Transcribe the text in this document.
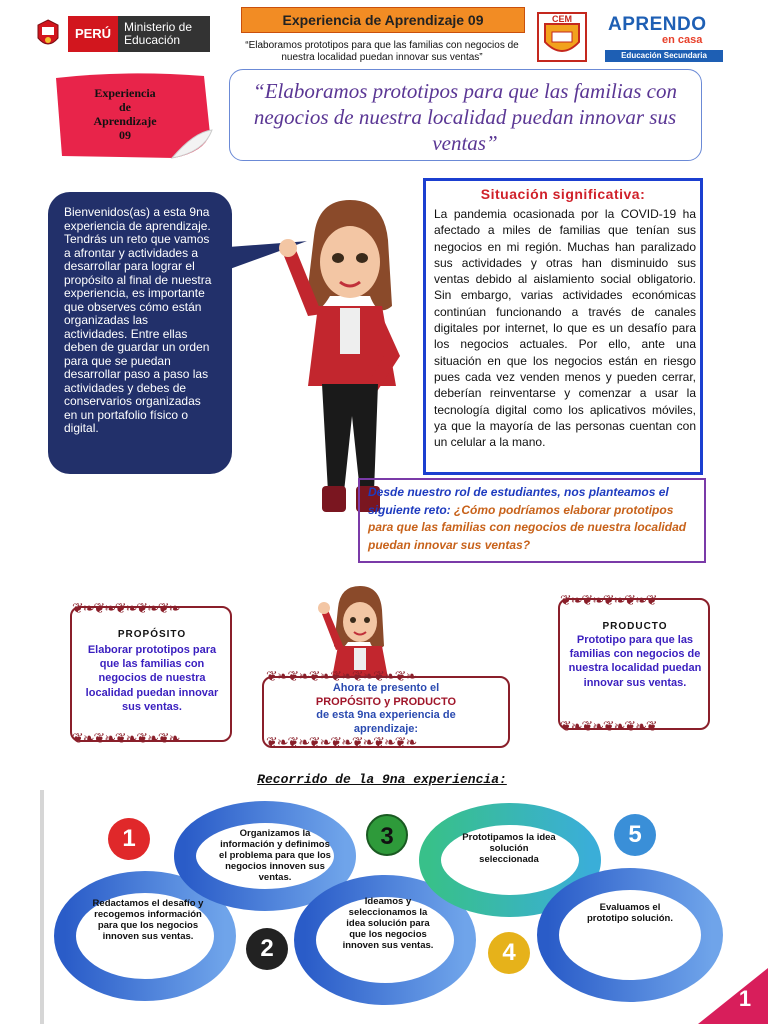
PERÚ	Ministerio de Educación
Experiencia de Aprendizaje 09
“Elaboramos prototipos para que las familias con negocios de nuestra localidad puedan innovar sus ventas”
CEM APRENDO
en casa
Educación Secundaria
Experiencia
de
Aprendizaje
09
“Elaboramos prototipos para que las familias con negocios de nuestra localidad puedan innovar sus ventas”
Bienvenidos(as) a esta 9na experiencia de aprendizaje. Tendrás un reto que vamos a afrontar y actividades a desarrollar para lograr el propósito al final de nuestra experiencia, es importante que observes cómo están organizadas las actividades. Entre ellas deben de guardar un orden para que se puedan desarrollar paso a paso las actividades y debes de conservarios organizadas en un portafolio físico o digital.
Situación significativa:
La pandemia ocasionada por la COVID-19 ha afectado a miles de familias que tenían sus negocios en mi región. Muchas han paralizado sus actividades y otras han disminuido sus ventas debido al aislamiento social obligatorio. Sin embargo, varias actividades económicas continúan funcionando a través de canales digitales por internet, lo que es un desafío para los negocios actuales. Por ello, ante una situación en que los negocios están en riesgo pues cada vez venden menos y pueden cerrar, deberían reinventarse y comenzar a usar la tecnología digital como los aplicativos móviles, ya que la mayoría de las personas cuentan con un celular a la mano.
Desde nuestro rol de estudiantes, nos planteamos el siguiente reto: ¿Cómo podríamos elaborar prototipos para que las familias con negocios de nuestra localidad puedan innovar sus ventas?
❦❧❦❧❦❧❦❧❦❧
❦❧❦❧❦❧❦❧❦❧
PROPÓSITO
Elaborar prototipos para que las familias con negocios de nuestra localidad puedan innovar sus ventas.
❦❧❦❧❦❧❦❧❦
❦❧❦❧❦❧❦❧❦
PRODUCTO
Prototipo para que las familias con negocios de nuestra localidad puedan innovar sus ventas.
❦❧❦❧❦❧❦❧❦❧❦❧❦❧
❦❧❦❧❦❧❦❧❦❧❦❧❦❧
Ahora te presento el
PROPÓSITO y PRODUCTO
de esta 9na experiencia de aprendizaje:
Recorrido de la 9na experiencia:
1
2
3
4
5
Redactamos el desafío y recogemos información para que los negocios innoven sus ventas.
Organizamos la información y definimos el problema para que los negocios innoven sus ventas.
Ideamos y seleccionamos la idea solución para que los negocios innoven sus ventas.
Prototipamos la idea solución seleccionada
Evaluamos el prototipo solución.
1
